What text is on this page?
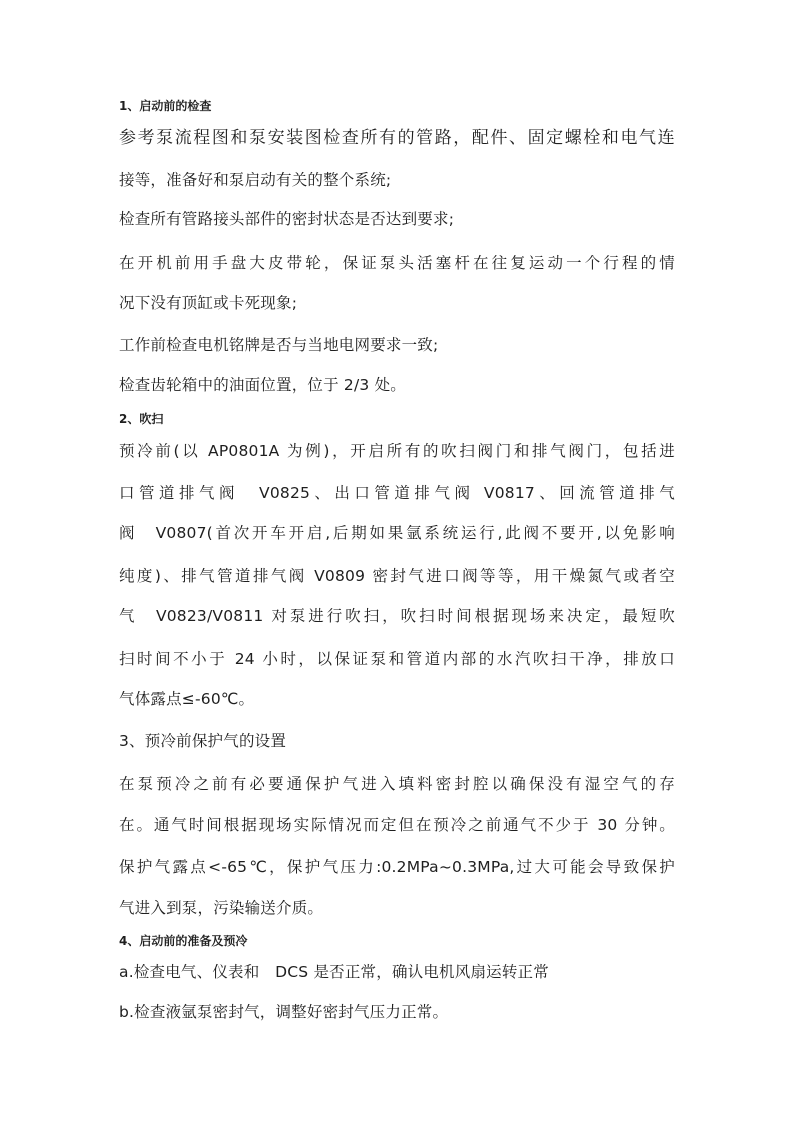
1、启动前的检查
参考泵流程图和泵安装图检查所有的管路，配件、固定螺栓和电气连
接等，准备好和泵启动有关的整个系统;
检查所有管路接头部件的密封状态是否达到要求;
在开机前用手盘大皮带轮，保证泵头活塞杆在往复运动一个行程的情
况下没有顶缸或卡死现象;
工作前检查电机铭牌是否与当地电网要求一致;
检查齿轮箱中的油面位置，位于 2/3 处。
2、吹扫
预冷前(以 AP0801A 为例)，开启所有的吹扫阀门和排气阀门，包括进
口管道排气阀　V0825、出口管道排气阀 V0817、回流管道排气
阀　V0807(首次开车开启,后期如果氩系统运行,此阀不要开,以免影响
纯度)、排气管道排气阀 V0809 密封气进口阀等等，用干燥氮气或者空
气　V0823/V0811 对泵进行吹扫，吹扫时间根据现场来决定，最短吹
扫时间不小于 24 小时，以保证泵和管道内部的水汽吹扫干净，排放口
气体露点≤-60℃。
3、预冷前保护气的设置
在泵预冷之前有必要通保护气进入填料密封腔以确保没有湿空气的存
在。通气时间根据现场实际情况而定但在预冷之前通气不少于 30 分钟。
保护气露点<-65℃，保护气压力:0.2MPa~0.3MPa,过大可能会导致保护
气进入到泵，污染输送介质。
4、启动前的准备及预冷
a.检查电气、仪表和　DCS 是否正常，确认电机风扇运转正常
b.检查液氩泵密封气，调整好密封气压力正常。
